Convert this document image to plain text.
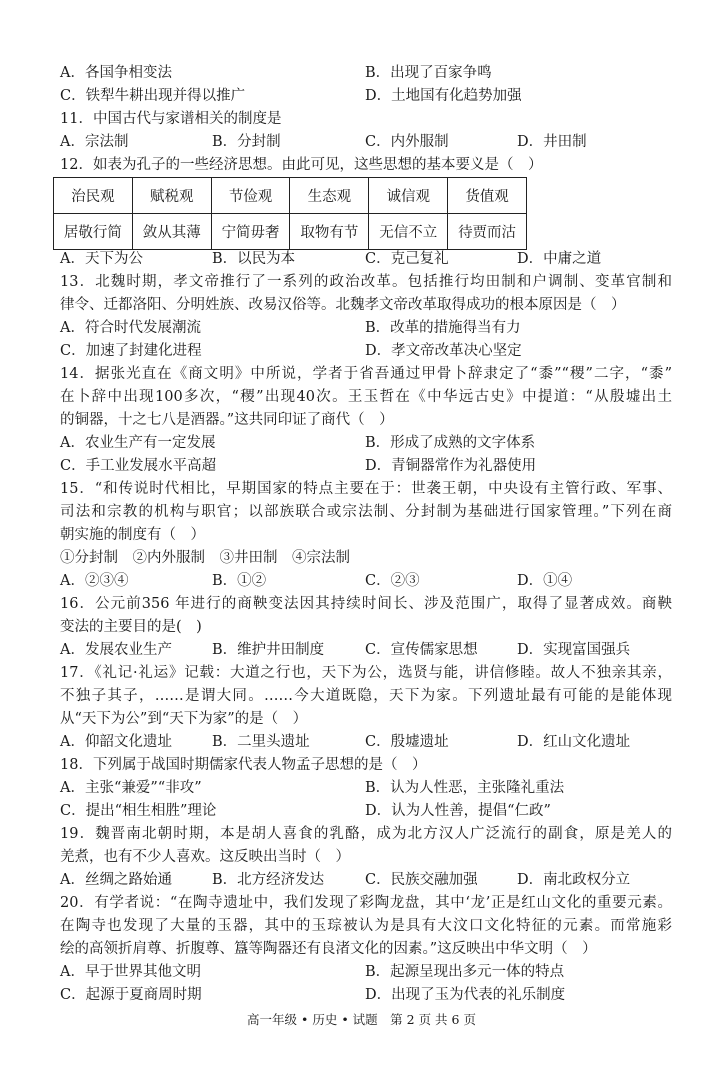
A．各国争相变法	B．出现了百家争鸣
C．铁犁牛耕出现并得以推广	D．土地国有化趋势加强
11．中国古代与家谱相关的制度是
A．宗法制	B．分封制	C．内外服制	D．井田制
12．如表为孔子的一些经济思想。由此可见，这些思想的基本要义是（　）
治民观	赋税观	节俭观	生态观	诚信观	货值观
居敬行简	敛从其薄	宁简毋奢	取物有节	无信不立	待贾而沽
A．天下为公	B．以民为本	C．克己复礼	D．中庸之道
13．北魏时期，孝文帝推行了一系列的政治改革。包括推行均田制和户调制、变革官制和
律令、迁都洛阳、分明姓族、改易汉俗等。北魏孝文帝改革取得成功的根本原因是（　）
A．符合时代发展潮流	B．改革的措施得当有力
C．加速了封建化进程	D．孝文帝改革决心坚定
14．据张光直在《商文明》中所说，学者于省吾通过甲骨卜辞隶定了“黍”“稷”二字，“黍”
在卜辞中出现100多次，“稷”出现40次。王玉哲在《中华远古史》中提道：“从殷墟出土
的铜器，十之七八是酒器。”这共同印证了商代（　）
A．农业生产有一定发展	B．形成了成熟的文字体系
C．手工业发展水平高超	D．青铜器常作为礼器使用
15．“和传说时代相比，早期国家的特点主要在于：世袭王朝，中央设有主管行政、军事、
司法和宗教的机构与职官；以部族联合或宗法制、分封制为基础进行国家管理。”下列在商
朝实施的制度有（　）
①分封制　②内外服制　③井田制　④宗法制
A．②③④	B．①②	C．②③	D．①④
16．公元前356 年进行的商鞅变法因其持续时间长、涉及范围广，取得了显著成效。商鞅
变法的主要目的是(　)
A．发展农业生产	B．维护井田制度	C．宣传儒家思想	D．实现富国强兵
17．《礼记·礼运》记载：大道之行也，天下为公，选贤与能，讲信修睦。故人不独亲其亲，
不独子其子，……是谓大同。……今大道既隐，天下为家。下列遗址最有可能的是能体现
从“天下为公”到“天下为家”的是（　）
A．仰韶文化遗址	B．二里头遗址	C．殷墟遗址	D．红山文化遗址
18．下列属于战国时期儒家代表人物孟子思想的是（　）
A．主张“兼爱”“非攻”	B．认为人性恶，主张隆礼重法
C．提出“相生相胜”理论	D．认为人性善，提倡“仁政”
19．魏晋南北朝时期，本是胡人喜食的乳酪，成为北方汉人广泛流行的副食，原是羌人的
羌煮，也有不少人喜欢。这反映出当时（　）
A．丝绸之路始通	B．北方经济发达	C．民族交融加强	D．南北政权分立
20．有学者说：“在陶寺遗址中，我们发现了彩陶龙盘，其中‘龙’正是红山文化的重要元素。
在陶寺也发现了大量的玉器，其中的玉琮被认为是具有大汶口文化特征的元素。而常施彩
绘的高领折肩尊、折腹尊、簋等陶器还有良渚文化的因素。”这反映出中华文明（　）
A．早于世界其他文明	B．起源呈现出多元一体的特点
C．起源于夏商周时期	D．出现了玉为代表的礼乐制度
高一年级 • 历史 • 试题　第 2 页 共 6 页
